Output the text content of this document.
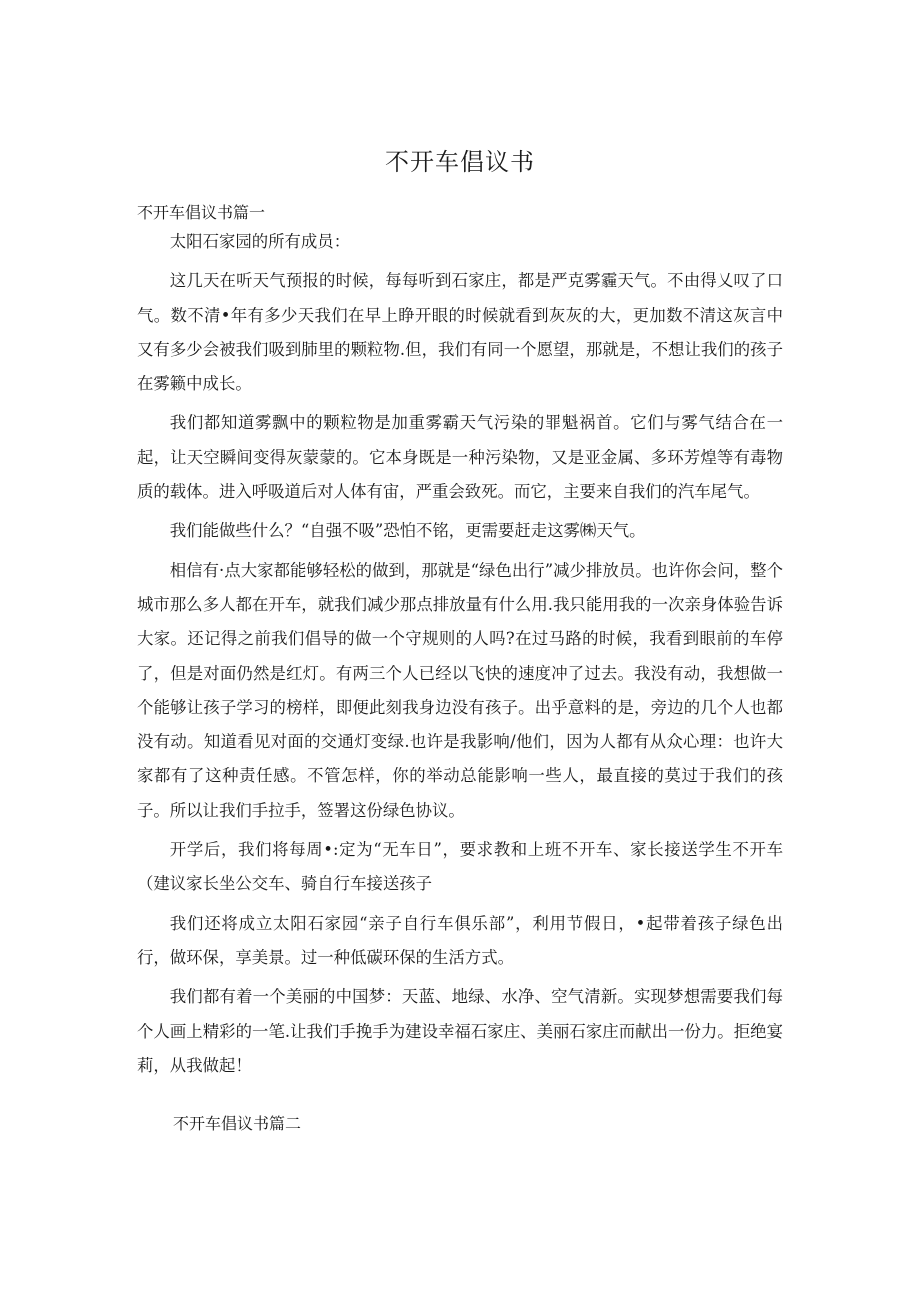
不开车倡议书
不开车倡议书篇一

太阳石家园的所有成员：

这几天在听天气预报的时候，每每听到石家庄，都是严克雾霾天气。不由得乂叹了口气。数不清•年有多少天我们在早上睁开眼的时候就看到灰灰的大，更加数不清这灰言中又有多少会被我们吸到肺里的颗粒物.但，我们有同一个愿望，那就是，不想让我们的孩子在雾籁中成长。

我们都知道雾飘中的颗粒物是加重雾霸天气污染的罪魁祸首。它们与雾气结合在一起，让天空瞬间变得灰蒙蒙的。它本身既是一种污染物，又是亚金属、多环芳煌等有毒物质的载体。进入呼吸道后对人体有宙，严重会致死。而它，主要来自我们的汽车尾气。

我们能做些什么？“自强不吸”恐怕不铭，更需要赶走这雾㈱天气。

相信有·点大家都能够轻松的做到，那就是“绿色出行”减少排放员。也许你会问，整个城市那么多人都在开车，就我们减少那点排放量有什么用.我只能用我的一次亲身体验告诉大家。还记得之前我们倡导的做一个守规则的人吗?在过马路的时候，我看到眼前的车停了，但是对面仍然是红灯。有两三个人已经以飞快的速度冲了过去。我没有动，我想做一个能够让孩子学习的榜样，即便此刻我身边没有孩子。出乎意料的是，旁边的几个人也都没有动。知道看见对面的交通灯变绿.也许是我影响/他们，因为人都有从众心理：也许大家都有了这种责任感。不管怎样，你的举动总能影响一些人，最直接的莫过于我们的孩子。所以让我们手拉手，签署这份绿色协议。

开学后，我们将每周•:定为“无车日”，要求教和上班不开车、家长接送学生不开车（建议家长坐公交车、骑自行车接送孩子

我们还将成立太阳石家园“亲子自行车俱乐部”，利用节假日，•起带着孩子绿色出行，做环保，享美景。过一种低碳环保的生活方式。

我们都有着一个美丽的中国梦：天蓝、地绿、水净、空气清新。实现梦想需要我们每个人画上精彩的一笔.让我们手挽手为建设幸福石家庄、美丽石家庄而献出一份力。拒绝宴莉，从我做起！

不开车倡议书篇二
